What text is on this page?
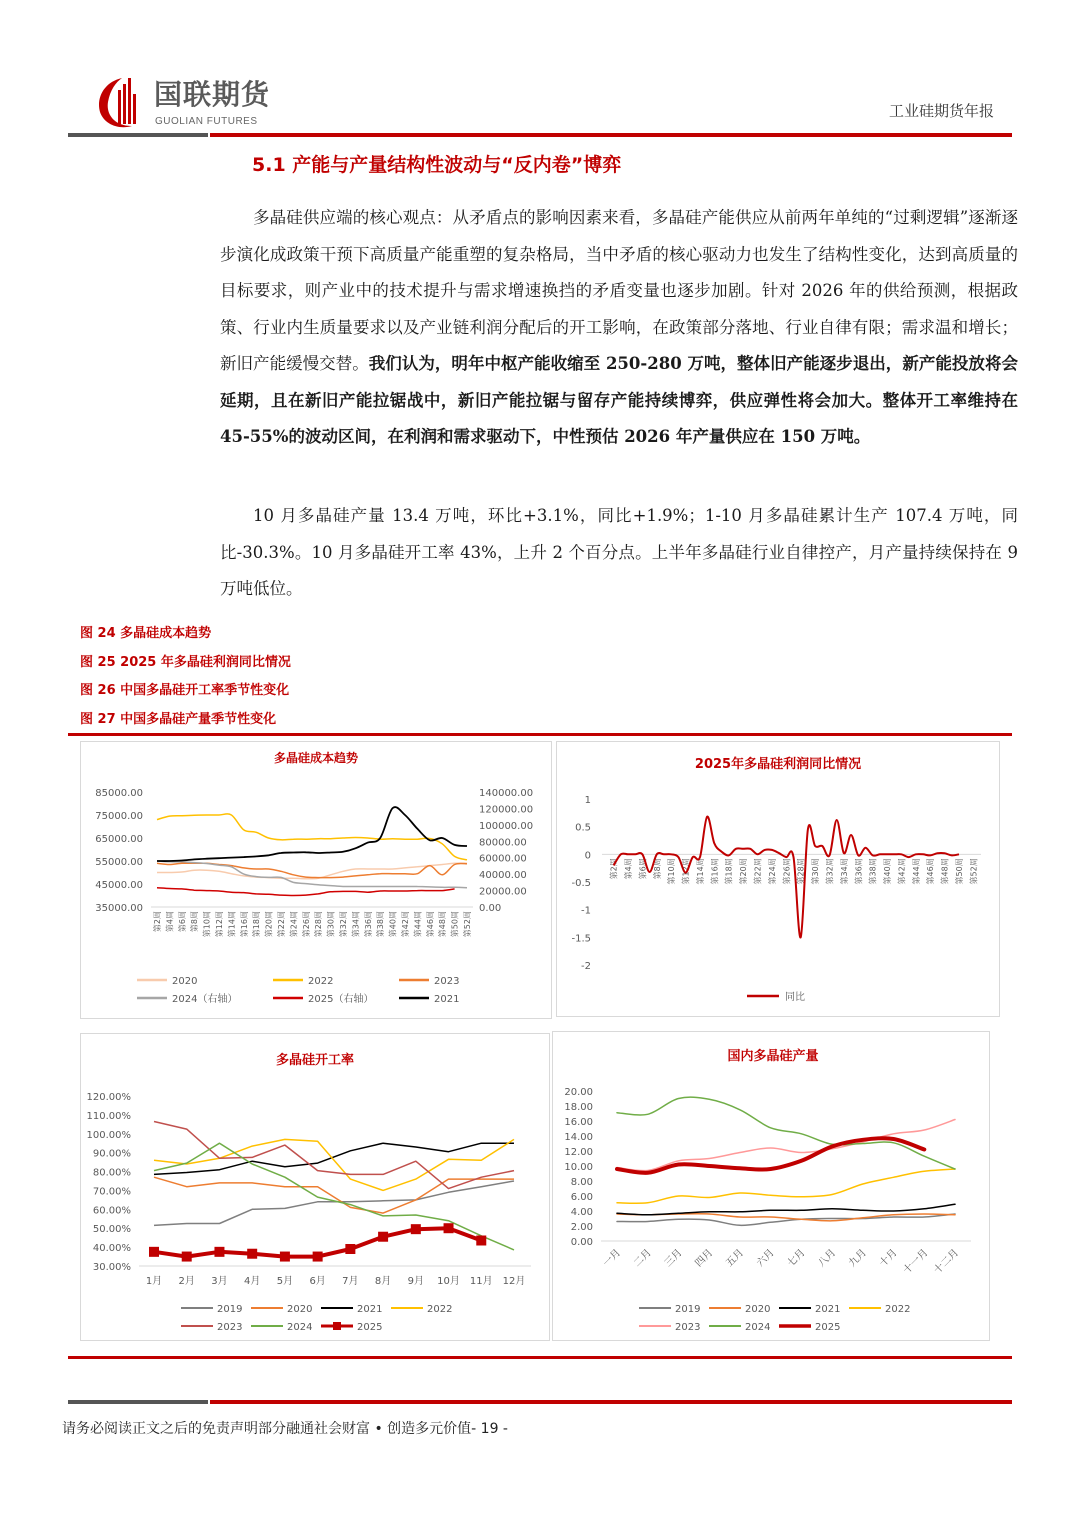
国联期货
GUOLIAN FUTURES
工业硅期货年报
5.1 产能与产量结构性波动与“反内卷”博弈

多晶硅供应端的核心观点：从矛盾点的影响因素来看，多晶硅产能供应从前两年单纯的“过剩逻辑”逐渐逐步演化成政策干预下高质量产能重塑的复杂格局，当中矛盾的核心驱动力也发生了结构性变化，达到高质量的目标要求，则产业中的技术提升与需求增速换挡的矛盾变量也逐步加剧。针对 2026 年的供给预测，根据政策、行业内生质量要求以及产业链利润分配后的开工影响，在政策部分落地、行业自律有限；需求温和增长；新旧产能缓慢交替。我们认为，明年中枢产能收缩至 250-280 万吨，整体旧产能逐步退出，新产能投放将会延期，且在新旧产能拉锯战中，新旧产能拉锯与留存产能持续博弈，供应弹性将会加大。整体开工率维持在 45-55%的波动区间，在利润和需求驱动下，中性预估 2026 年产量供应在 150 万吨。

10 月多晶硅产量 13.4 万吨，环比+3.1%，同比+1.9%；1-10 月多晶硅累计生产 107.4 万吨，同比-30.3%。10 月多晶硅开工率 43%，上升 2 个百分点。上半年多晶硅行业自律控产，月产量持续保持在 9 万吨低位。

图 24 多晶硅成本趋势
图 25 2025 年多晶硅利润同比情况
图 26 中国多晶硅开工率季节性变化
图 27 中国多晶硅产量季节性变化
多晶硅成本趋势
85000.00
75000.00
65000.00
55000.00
45000.00
35000.00
140000.00
120000.00
100000.00
80000.00
60000.00
40000.00
20000.00
0.00
第2周 第4周 第6周 第8周 第10周 第12周 第14周 第16周 第18周 第20周 第22周 第24周 第26周 第28周 第30周 第32周 第34周 第36周 第38周 第40周 第42周 第44周 第46周 第48周 第50周 第52周
2020	2022	2023
2024（右轴）	2025（右轴）	2021
2025年多晶硅利润同比情况
1
0.5
0
-0.5
-1
-1.5
-2
第2周 第4周 第6周 第8周 第10周 第12周 第14周 第16周 第18周 第20周 第22周 第24周 第26周 第28周 第30周 第32周 第34周 第36周 第38周 第40周 第42周 第44周 第46周 第48周 第50周 第52周
同比
多晶硅开工率
120.00%
110.00%
100.00%
90.00%
80.00%
70.00%
60.00%
50.00%
40.00%
30.00%
1月 2月 3月 4月 5月 6月 7月 8月 9月 10月 11月 12月
2019	2020	2021	2022
2023	2024	2025
国内多晶硅产量
20.00
18.00
16.00
14.00
12.00
10.00
8.00
6.00
4.00
2.00
0.00
一月 二月 三月 四月 五月 六月 七月 八月 九月 十月 十一月 十二月
2019	2020	2021	2022
2023	2024	2025
请务必阅读正文之后的免责声明部分融通社会财富 • 创造多元价值- 19 -
